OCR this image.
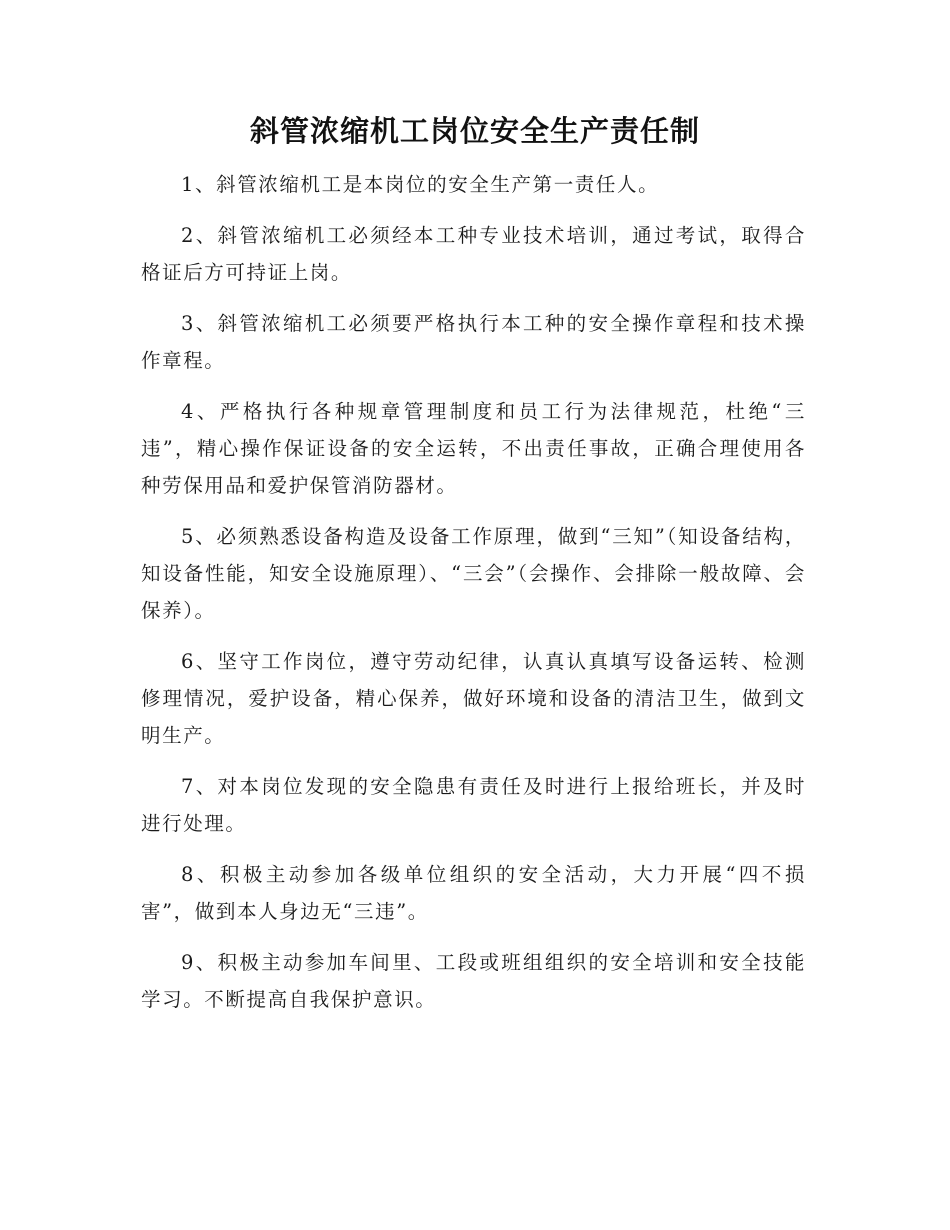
斜管浓缩机工岗位安全生产责任制

1、斜管浓缩机工是本岗位的安全生产第一责任人。

2、斜管浓缩机工必须经本工种专业技术培训，通过考试，取得合格证后方可持证上岗。

3、斜管浓缩机工必须要严格执行本工种的安全操作章程和技术操作章程。

4、严格执行各种规章管理制度和员工行为法律规范，杜绝“三违”，精心操作保证设备的安全运转，不出责任事故，正确合理使用各种劳保用品和爱护保管消防器材。

5、必须熟悉设备构造及设备工作原理，做到“三知”（知设备结构，知设备性能，知安全设施原理）、“三会”（会操作、会排除一般故障、会保养）。

6、坚守工作岗位，遵守劳动纪律，认真认真填写设备运转、检测修理情况，爱护设备，精心保养，做好环境和设备的清洁卫生，做到文明生产。

7、对本岗位发现的安全隐患有责任及时进行上报给班长，并及时进行处理。

8、积极主动参加各级单位组织的安全活动，大力开展“四不损害”，做到本人身边无“三违”。

9、积极主动参加车间里、工段或班组组织的安全培训和安全技能学习。不断提高自我保护意识。
